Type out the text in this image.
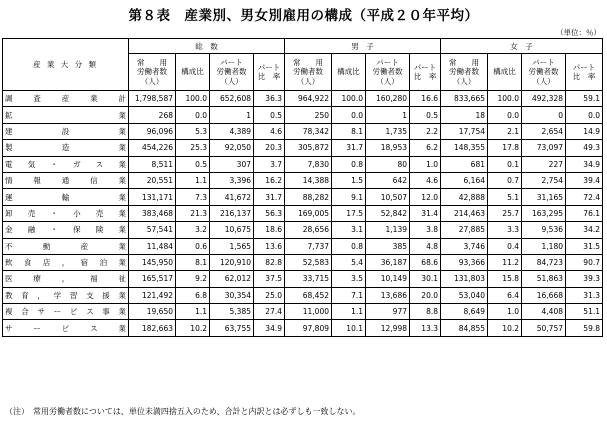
第８表　産業別、男女別雇用の構成（平成２０年平均）
（単位：％）
産 業 大 分 類	総　数				男　子				女　子			
	常　　用
労働者数
（人）	構成比	パート
労働者数
（人）	パート
比　率	常　　用
労働者数
（人）	構成比	パート
労働者数
（人）	パート
比　率	常　　用
労働者数
（人）	構成比	パート
労働者数
（人）	パート
比　率
調査産業計	1,798,587	100.0	652,608	36.3	964,922	100.0	160,280	16.6	833,665	100.0	492,328	59.1
鉱業	268	0.0	1	0.5	250	0.0	1	0.5	18	0.0	0	0.0
建設業	96,096	5.3	4,389	4.6	78,342	8.1	1,735	2.2	17,754	2.1	2,654	14.9
製造業	454,226	25.3	92,050	20.3	305,872	31.7	18,953	6.2	148,355	17.8	73,097	49.3
電気・ガス業	8,511	0.5	307	3.7	7,830	0.8	80	1.0	681	0.1	227	34.9
情報通信業	20,551	1.1	3,396	16.2	14,388	1.5	642	4.6	6,164	0.7	2,754	39.4
運輸業	131,171	7.3	41,672	31.7	88,282	9.1	10,507	12.0	42,888	5.1	31,165	72.4
卸売・小売業	383,468	21.3	216,137	56.3	169,005	17.5	52,842	31.4	214,463	25.7	163,295	76.1
金融・保険業	57,541	3.2	10,675	18.6	28,656	3.1	1,139	3.8	27,885	3.3	9,536	34.2
不動産業	11,484	0.6	1,565	13.6	7,737	0.8	385	4.8	3,746	0.4	1,180	31.5
飲食店，宿泊業	145,950	8.1	120,910	82.8	52,583	5.4	36,187	68.6	93,366	11.2	84,723	90.7
医療，福祉	165,517	9.2	62,012	37.5	33,715	3.5	10,149	30.1	131,803	15.8	51,863	39.3
教育，学習支援業	121,492	6.8	30,354	25.0	68,452	7.1	13,686	20.0	53,040	6.4	16,668	31.3
複合サービス事業	19,650	1.1	5,385	27.4	11,000	1.1	977	8.8	8,649	1.0	4,408	51.1
サービス業	182,663	10.2	63,755	34.9	97,809	10.1	12,998	13.3	84,855	10.2	50,757	59.8
（注）　常用労働者数については、単位未満四捨五入のため、合計と内訳とは必ずしも一致しない。
